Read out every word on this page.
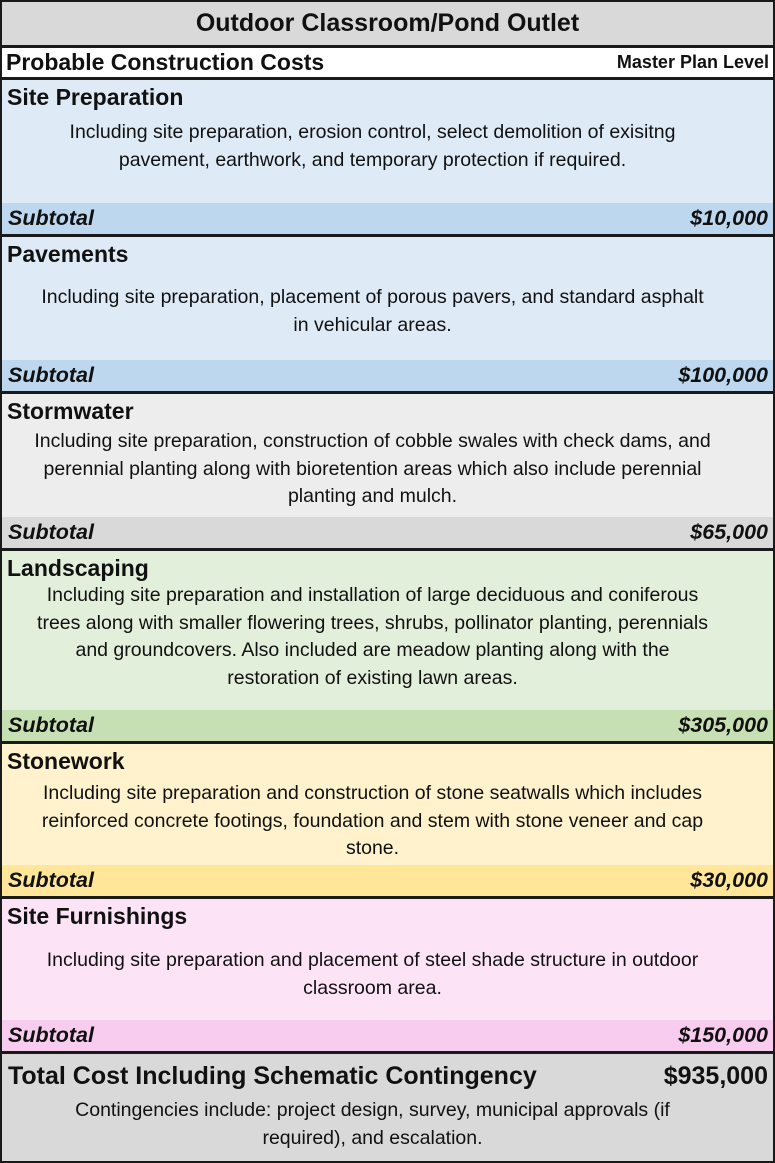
Outdoor Classroom/Pond Outlet
Probable Construction Costs	Master Plan Level
Site Preparation
Including site preparation, erosion control, select demolition of exisitng pavement, earthwork, and temporary protection if required.
Subtotal	$10,000
Pavements
Including site preparation, placement of porous pavers, and standard asphalt in vehicular areas.
Subtotal	$100,000
Stormwater
Including site preparation, construction of cobble swales with check dams, and perennial planting along with bioretention areas which also include perennial planting and mulch.
Subtotal	$65,000
Landscaping
Including site preparation and installation of large deciduous and coniferous trees along with smaller flowering trees, shrubs, pollinator planting, perennials and groundcovers. Also included are meadow planting along with the restoration of existing lawn areas.
Subtotal	$305,000
Stonework
Including site preparation and construction of stone seatwalls which includes reinforced concrete footings, foundation and stem with stone veneer and cap stone.
Subtotal	$30,000
Site Furnishings
Including site preparation and placement of steel shade structure in outdoor classroom area.
Subtotal	$150,000
Total Cost Including Schematic Contingency	$935,000
Contingencies include: project design, survey, municipal approvals (if required), and escalation.
